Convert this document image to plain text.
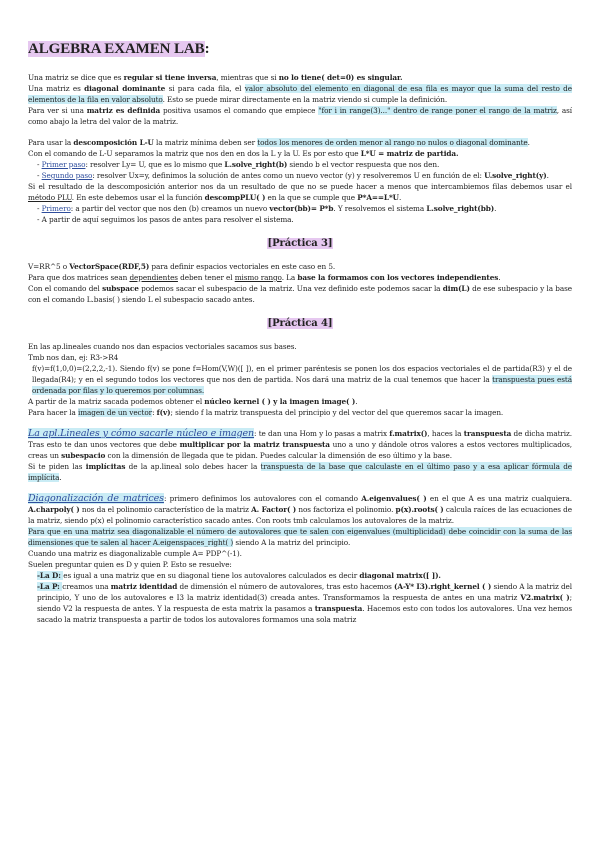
ALGEBRA EXAMEN LAB:

Una matriz se dice que es regular si tiene inversa, mientras que si no lo tiene( det=0) es singular.

Una matriz es diagonal dominante si para cada fila, el valor absoluto del elemento en diagonal de esa fila es mayor que la suma del resto de elementos de la fila en valor absoluto. Esto se puede mirar directamente en la matriz viendo si cumple la definición.

Para ver si una matriz es definida positiva usamos el comando que empiece "for i in range(3)..." dentro de range poner el rango de la matriz, así como abajo la letra del valor de la matriz.

Para usar la descomposición L-U la matriz mínima deben ser todos los menores de orden menor al rango no nulos o diagonal dominante.

Con el comando de L-U separamos la matriz que nos den en dos la L y la U. Es por esto que L*U = matriz de partida.

- Primer paso: resolver Ly= U, que es lo mismo que L.solve_right(b) siendo b el vector respuesta que nos den.

- Segundo paso: resolver Ux=y, definimos la solución de antes como un nuevo vector (y) y resolveremos U en función de el: U.solve_right(y).

Si el resultado de la descomposición anterior nos da un resultado de que no se puede hacer a menos que intercambiemos filas debemos usar el método PLU. En este debemos usar el la función descompPLU( ) en la que se cumple que P*A==L*U.

- Primero: a partir del vector que nos den (b) creamos un nuevo vector(bb)= P*b. Y resolvemos el sistema L.solve_right(bb).

- A partir de aquí seguimos los pasos de antes para resolver el sistema.

[Práctica 3]

V=RR^5 o VectorSpace(RDF,5) para definir espacios vectoriales en este caso en 5.

Para que dos matrices sean dependientes deben tener el mismo rango. La base la formamos con los vectores independientes.

Con el comando del subspace podemos sacar el subespacio de la matriz. Una vez definido este podemos sacar la dim(L) de ese subespacio y la base con el comando L.basis( ) siendo L el subespacio sacado antes.

[Práctica 4]

En las ap.lineales cuando nos dan espacios vectoriales sacamos sus bases.

Tmb nos dan, ej: R3->R4

f(v)=f(1,0,0)=(2,2,2,-1). Siendo f(v) se pone f=Hom(V,W)([ ]), en el primer paréntesis se ponen los dos espacios vectoriales el de partida(R3) y el de llegada(R4); y en el segundo todos los vectores que nos den de partida. Nos dará una matriz de la cual tenemos que hacer la transpuesta pues está ordenada por filas y lo queremos por columnas.

A partir de la matriz sacada podemos obtener el núcleo kernel ( ) y la imagen image( ).

Para hacer la imagen de un vector: f(v); siendo f la matriz transpuesta del principio y del vector del que queremos sacar la imagen.

La apl.Lineales y cómo sacarle núcleo e imagen: te dan una Hom y lo pasas a matrix f.matrix(), haces la transpuesta de dicha matriz. Tras esto te dan unos vectores que debe multiplicar por la matriz transpuesta uno a uno y dándole otros valores a estos vectores multiplicados, creas un subespacio con la dimensión de llegada que te pidan. Puedes calcular la dimensión de eso último y la base.

Si te piden las implícitas de la ap.lineal solo debes hacer la transpuesta de la base que calculaste en el último paso y a esa aplicar fórmula de implícita.

Diagonalización de matrices: primero definimos los autovalores con el comando A.eigenvalues( ) en el que A es una matriz cualquiera. A.charpoly( ) nos da el polinomio característico de la matriz A. Factor( ) nos factoriza el polinomio. p(x).roots( ) calcula raíces de las ecuaciones de la matriz, siendo p(x) el polinomio característico sacado antes. Con roots tmb calculamos los autovalores de la matriz.

Para que en una matriz sea diagonalizable el número de autovalores que te salen con eigenvalues (multiplicidad) debe coincidir con la suma de las dimensiones que te salen al hacer A.eigenspaces_right( ) siendo A la matriz del principio.

Cuando una matriz es diagonalizable cumple A= PDP^(-1).

Suelen preguntar quien es D y quien P. Esto se resuelve:

-La D: es igual a una matriz que en su diagonal tiene los autovalores calculados es decir diagonal matrix([ ]).

-La P: creamos una matriz identidad de dimensión el número de autovalores, tras esto hacemos (A-Y* I3).right_kernel ( ) siendo A la matriz del principio, Y uno de los autovalores e I3 la matriz identidad(3) creada antes. Transformamos la respuesta de antes en una matriz V2.matrix( ); siendo V2 la respuesta de antes. Y la respuesta de esta matrix la pasamos a transpuesta. Hacemos esto con todos los autovalores. Una vez hemos sacado la matriz transpuesta a partir de todos los autovalores formamos una sola matriz
